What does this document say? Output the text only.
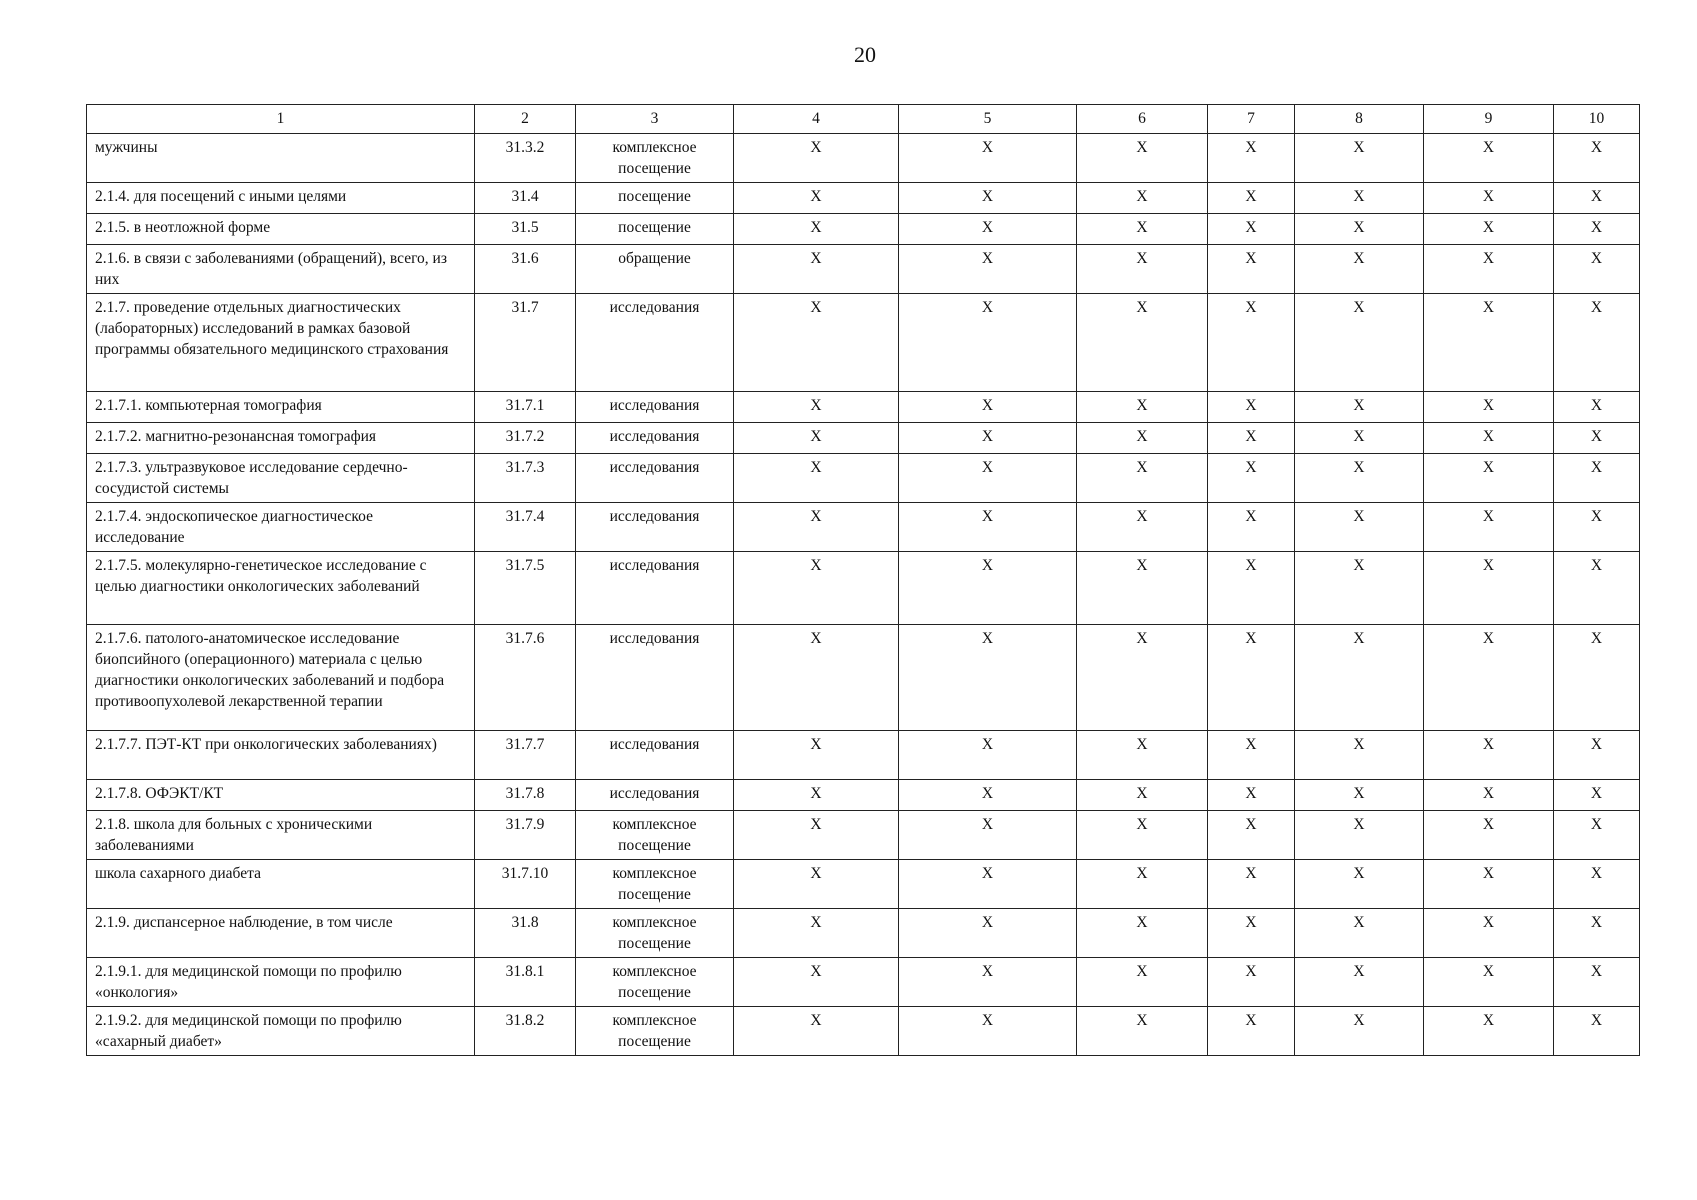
20
1	2	3	4	5	6	7	8	9	10
мужчины	31.3.2	комплексное посещение	X	X	X	X	X	X	X
2.1.4. для посещений с иными целями	31.4	посещение	X	X	X	X	X	X	X
2.1.5. в неотложной форме	31.5	посещение	X	X	X	X	X	X	X
2.1.6. в связи с заболеваниями (обращений), всего, из них	31.6	обращение	X	X	X	X	X	X	X
2.1.7. проведение отдельных диагностических (лабораторных) исследований в рамках базовой программы обязательного медицинского страхования	31.7	исследования	X	X	X	X	X	X	X
2.1.7.1. компьютерная томография	31.7.1	исследования	X	X	X	X	X	X	X
2.1.7.2. магнитно-резонансная томография	31.7.2	исследования	X	X	X	X	X	X	X
2.1.7.3. ультразвуковое исследование сердечно-сосудистой системы	31.7.3	исследования	X	X	X	X	X	X	X
2.1.7.4. эндоскопическое диагностическое исследование	31.7.4	исследования	X	X	X	X	X	X	X
2.1.7.5. молекулярно-генетическое исследование с целью диагностики онкологических заболеваний	31.7.5	исследования	X	X	X	X	X	X	X
2.1.7.6. патолого-анатомическое исследование биопсийного (операционного) материала с целью диагностики онкологических заболеваний и подбора противоопухолевой лекарственной терапии	31.7.6	исследования	X	X	X	X	X	X	X
2.1.7.7. ПЭТ-КТ при онкологических заболеваниях)	31.7.7	исследования	X	X	X	X	X	X	X
2.1.7.8. ОФЭКТ/КТ	31.7.8	исследования	X	X	X	X	X	X	X
2.1.8. школа для больных с хроническими заболеваниями	31.7.9	комплексное посещение	X	X	X	X	X	X	X
школа сахарного диабета	31.7.10	комплексное посещение	X	X	X	X	X	X	X
2.1.9. диспансерное наблюдение, в том числе	31.8	комплексное посещение	X	X	X	X	X	X	X
2.1.9.1. для медицинской помощи по профилю «онкология»	31.8.1	комплексное посещение	X	X	X	X	X	X	X
2.1.9.2. для медицинской помощи по профилю «сахарный диабет»	31.8.2	комплексное посещение	X	X	X	X	X	X	X
